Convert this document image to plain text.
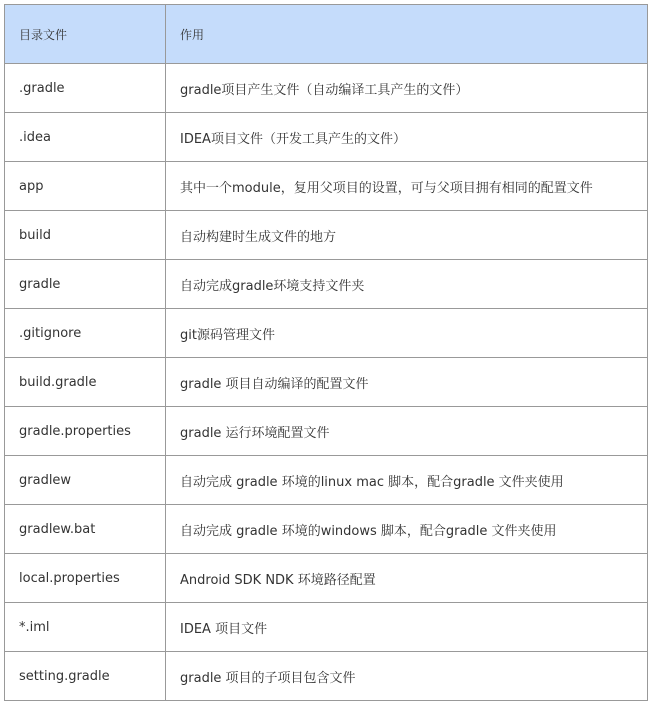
目录文件	作用
.gradle	gradle项目产生文件（自动编译工具产生的文件）
.idea	IDEA项目文件（开发工具产生的文件）
app	其中一个module，复用父项目的设置，可与父项目拥有相同的配置文件
build	自动构建时生成文件的地方
gradle	自动完成gradle环境支持文件夹
.gitignore	git源码管理文件
build.gradle	gradle 项目自动编译的配置文件
gradle.properties	gradle 运行环境配置文件
gradlew	自动完成 gradle 环境的linux mac 脚本，配合gradle 文件夹使用
gradlew.bat	自动完成 gradle 环境的windows 脚本，配合gradle 文件夹使用
local.properties	Android SDK NDK 环境路径配置
*.iml	IDEA 项目文件
setting.gradle	gradle 项目的子项目包含文件
